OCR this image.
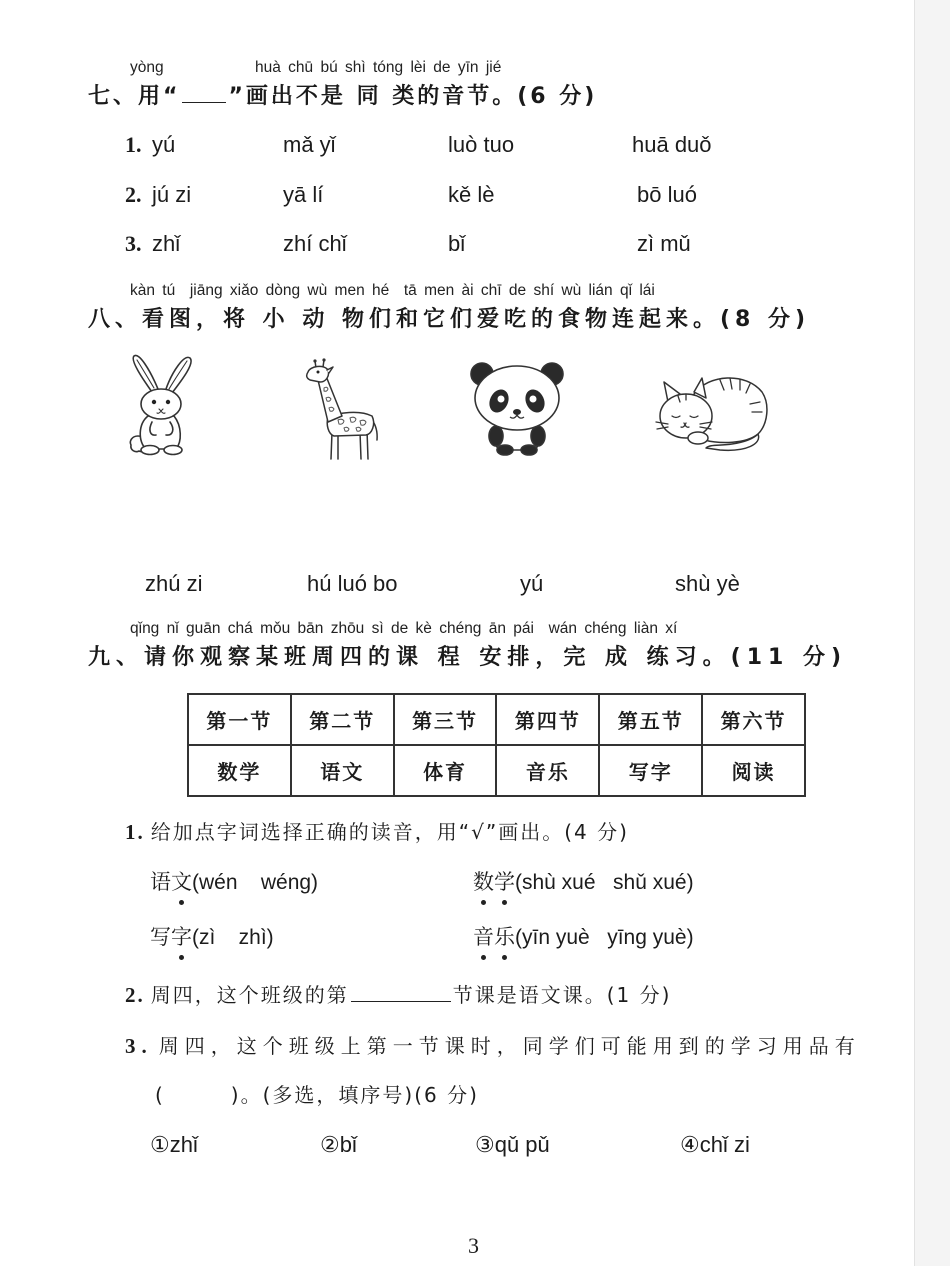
yòng	huà chū bú shì tóng lèi de yīn jié
七、用“ ”画出不是 同 类的音节。(6 分)
1. yú	mǎ yǐ	luò tuo	huā duǒ
2. jú zi	yā lí	kě lè	bō luó
3. zhǐ	zhí chǐ	bǐ	zì mǔ
kàn tú  jiāng xiǎo dòng wù men hé  tā men ài chī de shí wù lián qǐ lái
八、看图，将 小 动 物们和它们爱吃的食物连起来。(8 分)
zhú zi	hú luó bo	yú	shù yè
qǐng nǐ guān chá mǒu bān zhōu sì de kè chéng ān pái  wán chéng liàn xí
九、请你观察某班周四的课 程 安排，完 成 练习。(11 分)
第一节	第二节	第三节	第四节	第五节	第六节
数学	语文	体育	音乐	写字	阅读
1. 给加点字词选择正确的读音，用“√”画出。(4 分)
语文(wén    wéng)	数学(shù xué   shǔ xué)
写字(zì    zhì)	音乐(yīn yuè   yīng yuè)
2. 周四，这个班级的第	节课是语文课。(1 分)
3. 周四，这个班级上第一节课时，同学们可能用到的学习用品有
(　　　)。(多选，填序号)(6 分)
①zhǐ	②bǐ	③qǔ pǔ	④chǐ zi
3
